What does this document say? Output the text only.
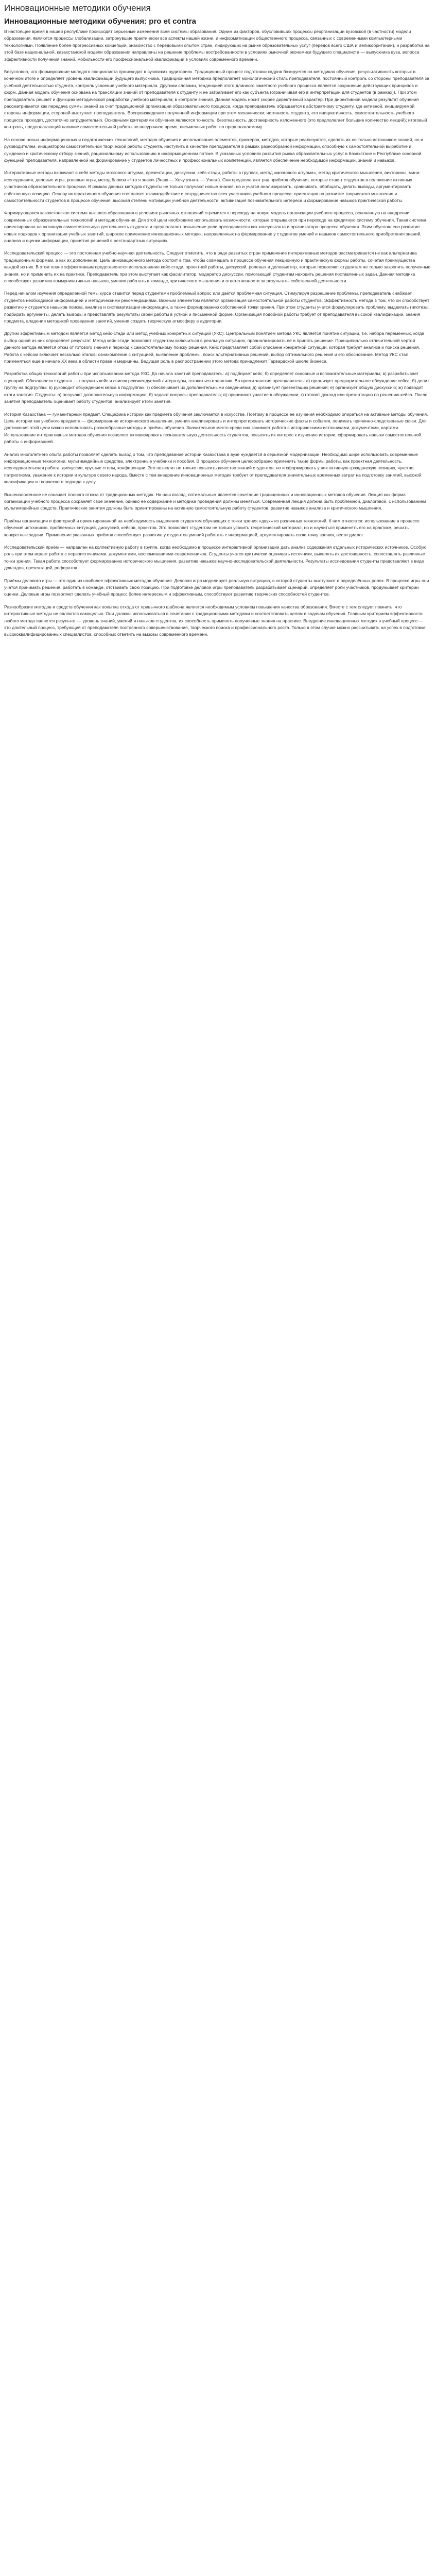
Инновационные методики обучения
Инновационные методики обучения: pro et contra

В настоящее время в нашей республике происходят серьезные изменения всей системы образования. Одним из факторов, обусловивших процессы реорганизации вузовской (в частности) модели образования, являются процессы глобализации, затронувшие практически все аспекты нашей жизни, и информатизации общественного процесса, связанных с современными компьютерными технологиями. Появление более прогрессивных концепций, знакомство с передовыми опытом стран, лидирующих на рынке образовательных услуг (передов всего США и Великобритании), и разработка на этой базе национальной, казахстанской модели образования направлены на решение проблемы востребованности в условиях рыночной экономики будущего специалиста — выпускника вуза, вопроса эффективности получения знаний, мобильности его профессиональной квалификации в условиях современного времени.

Безусловно, что формирование молодого специалиста происходит в вузовских аудиториях. Традиционный процесс подготовки кадров базируется на методиках обучения, результативность которых в конечном итоге и определяет уровень квалификации будущего выпускника. Традиционная методика предполагает монологический стиль преподавателя, постоянный контроль со стороны преподавателя за учебной деятельностью студента, контроль усвоения учебного материала. Другими словами, тенденцией этого длинного заметного учебного процесса является сохранение действующих принципов и форм. Данная модель обучения основана на трансляции знаний от преподавателя к студенту и не затрагивает его как субъекта (ограничивая его в интерпретации для студентов (в рамках)). При этом преподаватель решает и функцию методической разработки учебного материала; в контроле знаний. Данная модель носит скорее директивный характер. При директивной модели результат обучения рассматривается как передача суммы знаний за счет традиционной организации образовательного процесса, когда преподаватель обращается к абстрактному студенту, где активной, инициируемой стороны информации, стороной выступает преподаватель. Воспроизведение полученной информации при этом механически; истинность студента, его инициативность, самостоятельность учебного процесса проходят, достаточно затруднительно. Основными критериями обучения являются точность, безотказность, достоверность изложенного (это предполагает большие количество лекций); итоговый контроль, предполагающий наличие самостоятельной работы во внеурочное время, письменных работ по предполагаемому.

На основе новых информационных и педагогических технологий, методов обучения и использования элементов, примеров, методов, которые реализуются, сделать их не только источником знаний, но и руководителем, инициатором самостоятельной творческой работы студента, наступить в качестве преподавателя в рамках разнообразной информации, способную к самостоятельной выработке и суждению и критическому отбору знаний, рациональному использованию в информационном потоке. В указанных условиях развития рынка образовательных услуг в Казахстане и Республике основной функцией преподавателя, направленной на формирование у студентов личностных и профессиональных компетенций, является обеспечение необходимой информации, знаний и навыков.

Интерактивные методы включают в себя методы мозгового штурма, презентации, дискуссии, кейс-стади, работы в группах, метод «мозгового штурма», метод критического мышления, викторины, мини-исследования, деловые игры, ролевые игры, метод блоков «Что я знаю» (Знаю — Хочу узнать — Узнал). Они предполагают ряд приёмов обучения, которые ставят студентов в положение активных участников образовательного процесса. В рамках данных методов студенты не только получают новые знания, но и учатся анализировать, сравнивать, обобщать, делать выводы, аргументировать собственную позицию. Основу интерактивного обучения составляет взаимодействие и сотрудничество всех участников учебного процесса; ориентация на развитие творческого мышления и самостоятельности студентов в процессе обучения; высокая степень мотивации учебной деятельности; активизация познавательного интереса и формирование навыков практической работы.

Формирующаяся казахстанская система высшего образования в условиях рыночных отношений стремится к переходу на новую модель организации учебного процесса, основанную на внедрении современных образовательных технологий и методик обучения. Для этой цели необходимо использовать возможности, которые открываются при переходе на кредитную систему обучения. Такая система ориентирована на активную самостоятельную деятельность студента и предполагает повышение роли преподавателя как консультанта и организатора процесса обучения. Этим обусловлено развитие новых подходов к организации учебных занятий, широкое применение инновационных методик, направленных на формирование у студентов умений и навыков самостоятельного приобретения знаний, анализа и оценки информации, принятия решений в нестандартных ситуациях.

Исследовательский процесс — это постоянная учебно-научная деятельность. Следует отметить, что в ряде развитых стран применение интерактивных методов рассматривается не как альтернатива традиционным формам, а как их дополнение. Цель инновационного метода состоит в том, чтобы совмещать в процессе обучения лекционную и практическую формы работы, сочетая преимущества каждой из них. В этом плане эффективным представляется использование кейс-стади, проектной работы, дискуссий, ролевых и деловых игр, которые позволяют студентам не только закрепить полученные знания, но и применить их на практике. Преподаватель при этом выступает как фасилитатор, модератор дискуссии, помогающий студентам находить решения поставленных задач. Данная методика способствует развитию коммуникативных навыков, умения работать в команде, критического мышления и ответственности за результаты собственной деятельности.

Перед началом изучения определенной темы курса ставится перед студентами проблемный вопрос или даётся проблемная ситуация. Стимулируя разрешение проблемы, преподаватель снабжает студентов необходимой информацией и методическими рекомендациями. Важным элементом является организация самостоятельной работы студентов. Эффективность метода в том, что он способствует развитию у студентов навыков поиска, анализа и систематизации информации, а также формированию собственной точки зрения. При этом студенты учатся формулировать проблему, выдвигать гипотезы, подбирать аргументы, делать выводы и представлять результаты своей работы в устной и письменной форме. Организация подобной работы требует от преподавателя высокой квалификации, знания предмета, владения методикой проведения занятий, умения создать творческую атмосферу в аудитории.

Другим эффективным методом является метод кейс-стади или метод учебных конкретных ситуаций (УКС). Центральным понятием метода УКС является понятие ситуации, т.е. набора переменных, когда выбор одной из них определяет результат. Метод кейс-стади позволяет студентам включиться в реальную ситуацию, проанализировать её и принять решение. Принципиально отличительной чертой данного метода является отказ от готового знания и переход к самостоятельному поиску решения. Кейс представляет собой описание конкретной ситуации, которая требует анализа и поиска решения. Работа с кейсом включает несколько этапов: ознакомление с ситуацией, выявление проблемы, поиск альтернативных решений, выбор оптимального решения и его обоснование. Метод УКС стал применяться ещё в начале XX века в области права и медицины. Ведущая роль в распространении этого метода принадлежит Гарвардской школе бизнеса.

Разработка общих технологий работы при использовании метода УКС. До начала занятий преподаватель: а) подбирает кейс; б) определяет основные и вспомогательные материалы; в) разрабатывает сценарий. Обязанности студента — получить кейс и список рекомендуемой литературы, готовиться к занятию. Во время занятия преподаватель: а) организует предварительное обсуждение кейса; б) делит группу на подгруппы; в) руководит обсуждением кейса в подгруппах; г) обеспечивает их дополнительными сведениями; д) организует презентацию решений; е) организует общую дискуссию; ж) подводит итоги занятия. Студенты: а) получают дополнительную информацию; б) задают вопросы преподавателю; в) принимают участие в обсуждении; г) готовят доклад или презентацию по решению кейса. После занятия преподаватель оценивает работу студентов, анализирует итоги занятия.

История Казахстана — гуманитарный предмет. Специфика истории как предмета обучения заключается в искусстве. Поэтому в процессе её изучения необходимо опираться на активные методы обучения. Цель истории как учебного предмета — формирование исторического мышления, умения анализировать и интерпретировать исторические факты и события, понимать причинно-следственные связи. Для достижения этой цели важно использовать разнообразные методы и приёмы обучения. Значительное место среди них занимает работа с историческими источниками, документами, картами. Использование интерактивных методов обучения позволяет активизировать познавательную деятельность студентов, повысить их интерес к изучению истории, сформировать навыки самостоятельной работы с информацией.

Анализ многолетнего опыта работы позволяет сделать вывод о том, что преподавание истории Казахстана в вузе нуждается в серьёзной модернизации. Необходимо шире использовать современные информационные технологии, мультимедийные средства, электронные учебники и пособия. В процессе обучения целесообразно применять такие формы работы, как проектная деятельность, исследовательская работа, дискуссии, круглые столы, конференции. Это позволит не только повысить качество знаний студентов, но и сформировать у них активную гражданскую позицию, чувство патриотизма, уважение к истории и культуре своего народа. Вместе с тем внедрение инновационных методик требует от преподавателя значительных временных затрат на подготовку занятий, высокой квалификации и творческого подхода к делу.

Вышеизложенное не означает полного отказа от традиционных методик. На наш взгляд, оптимальным является сочетание традиционных и инновационных методов обучения. Лекция как форма организации учебного процесса сохраняет своё значение, однако её содержание и методика проведения должны меняться. Современная лекция должна быть проблемной, диалоговой, с использованием мультимедийных средств. Практические занятия должны быть ориентированы на активную самостоятельную работу студентов, развитие навыков анализа и критического мышления.

Приёмы организации и факторной и ориентированной на необходимость выделения студентом обучающих с точки зрения «двух» из различных технологий. К ним относятся: использование в процессе обучения источников, проблемных ситуаций, дискуссий, кейсов, проектов. Это позволяет студентам не только усвоить теоретический материал, но и научиться применять его на практике, решать конкретные задачи. Применение указанных приёмов способствует развитию у студентов умений работать с информацией, аргументировать свою точку зрения, вести диалог.

Исследовательский приём — направлен на коллективную работу в группе, когда необходимо в процессе интерактивной организации дать анализ содержания отдельных исторических источников. Особую роль при этом играет работа с первоисточниками, документами, воспоминаниями современников. Студенты учатся критически оценивать источники, выявлять их достоверность, сопоставлять различные точки зрения. Такая работа способствует формированию исторического мышления, развитию навыков научно-исследовательской деятельности. Результаты исследования студенты представляют в виде докладов, презентаций, рефератов.

Приёмы делового игры — это один из наиболее эффективных методов обучения. Деловая игра моделирует реальную ситуацию, в которой студенты выступают в определённых ролях. В процессе игры они учатся принимать решения, работать в команде, отстаивать свою позицию. При подготовке деловой игры преподаватель разрабатывает сценарий, определяет роли участников, продумывает критерии оценки. Деловые игры позволяют сделать учебный процесс более интересным и эффективным, способствуют развитию творческих способностей студентов.

Разнообразие методов и средств обучения как попытка отхода от привычного шаблона является необходимым условием повышения качества образования. Вместе с тем следует помнить, что интерактивные методы не являются самоцелью. Они должны использоваться в сочетании с традиционными методами и соответствовать целям и задачам обучения. Главным критерием эффективности любого метода является результат — уровень знаний, умений и навыков студентов, их способность применять полученные знания на практике. Внедрение инновационных методик в учебный процесс — это длительный процесс, требующий от преподавателя постоянного совершенствования, творческого поиска и профессионального роста. Только в этом случае можно рассчитывать на успех в подготовке высококвалифицированных специалистов, способных ответить на вызовы современного времени.
